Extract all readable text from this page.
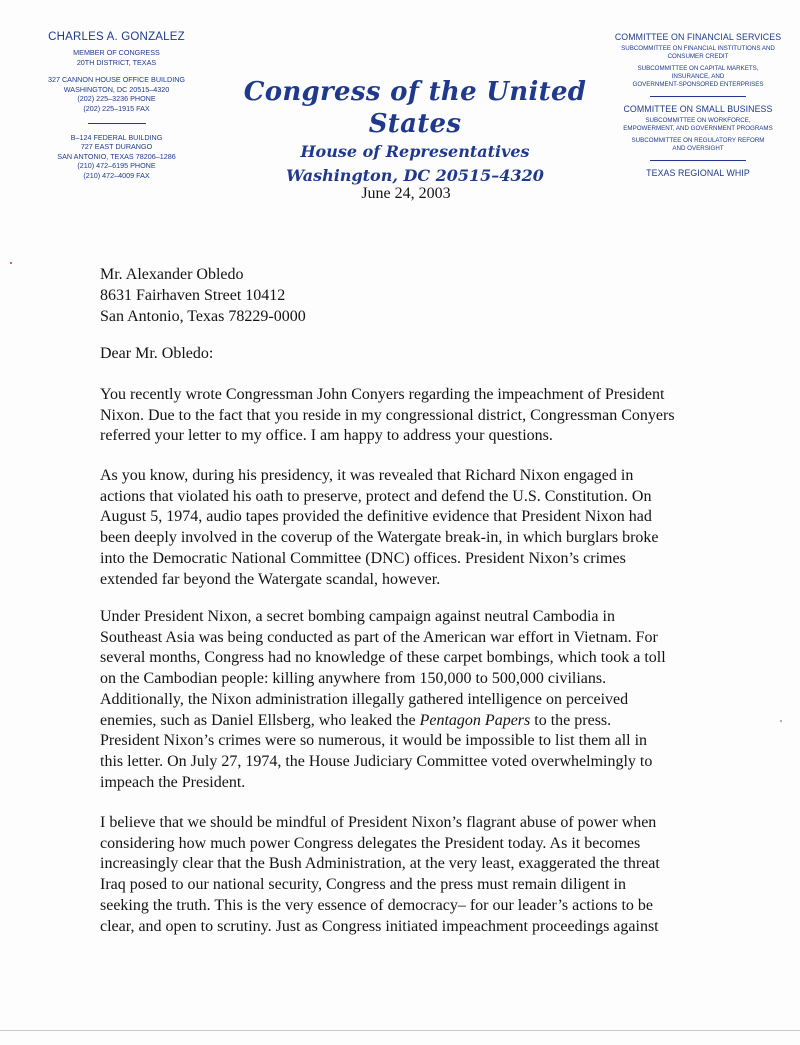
CHARLES A. GONZALEZ
MEMBER OF CONGRESS
20TH DISTRICT, TEXAS
327 CANNON HOUSE OFFICE BUILDING
WASHINGTON, DC 20515–4320
(202) 225–3236 PHONE
(202) 225–1915 FAX
B–124 FEDERAL BUILDING
727 EAST DURANGO
SAN ANTONIO, TEXAS 78206–1286
(210) 472–6195 PHONE
(210) 472–4009 FAX
Congress of the United States
House of Representatives
Washington, DC 20515–4320
COMMITTEE ON FINANCIAL SERVICES
SUBCOMMITTEE ON FINANCIAL INSTITUTIONS AND
CONSUMER CREDIT
SUBCOMMITTEE ON CAPITAL MARKETS,
INSURANCE, AND
GOVERNMENT-SPONSORED ENTERPRISES
COMMITTEE ON SMALL BUSINESS
SUBCOMMITTEE ON WORKFORCE,
EMPOWERMENT, AND GOVERNMENT PROGRAMS
SUBCOMMITTEE ON REGULATORY REFORM
AND OVERSIGHT
TEXAS REGIONAL WHIP
June 24, 2003
Mr. Alexander Obledo
8631 Fairhaven Street 10412
San Antonio, Texas 78229-0000
Dear Mr. Obledo:
You recently wrote Congressman John Conyers regarding the impeachment of President
Nixon. Due to the fact that you reside in my congressional district, Congressman Conyers
referred your letter to my office. I am happy to address your questions.
As you know, during his presidency, it was revealed that Richard Nixon engaged in
actions that violated his oath to preserve, protect and defend the U.S. Constitution. On
August 5, 1974, audio tapes provided the definitive evidence that President Nixon had
been deeply involved in the coverup of the Watergate break-in, in which burglars broke
into the Democratic National Committee (DNC) offices. President Nixon’s crimes
extended far beyond the Watergate scandal, however.
Under President Nixon, a secret bombing campaign against neutral Cambodia in
Southeast Asia was being conducted as part of the American war effort in Vietnam. For
several months, Congress had no knowledge of these carpet bombings, which took a toll
on the Cambodian people: killing anywhere from 150,000 to 500,000 civilians.
Additionally, the Nixon administration illegally gathered intelligence on perceived
enemies, such as Daniel Ellsberg, who leaked the Pentagon Papers to the press.
President Nixon’s crimes were so numerous, it would be impossible to list them all in
this letter. On July 27, 1974, the House Judiciary Committee voted overwhelmingly to
impeach the President.
I believe that we should be mindful of President Nixon’s flagrant abuse of power when
considering how much power Congress delegates the President today. As it becomes
increasingly clear that the Bush Administration, at the very least, exaggerated the threat
Iraq posed to our national security, Congress and the press must remain diligent in
seeking the truth. This is the very essence of democracy– for our leader’s actions to be
clear, and open to scrutiny. Just as Congress initiated impeachment proceedings against
